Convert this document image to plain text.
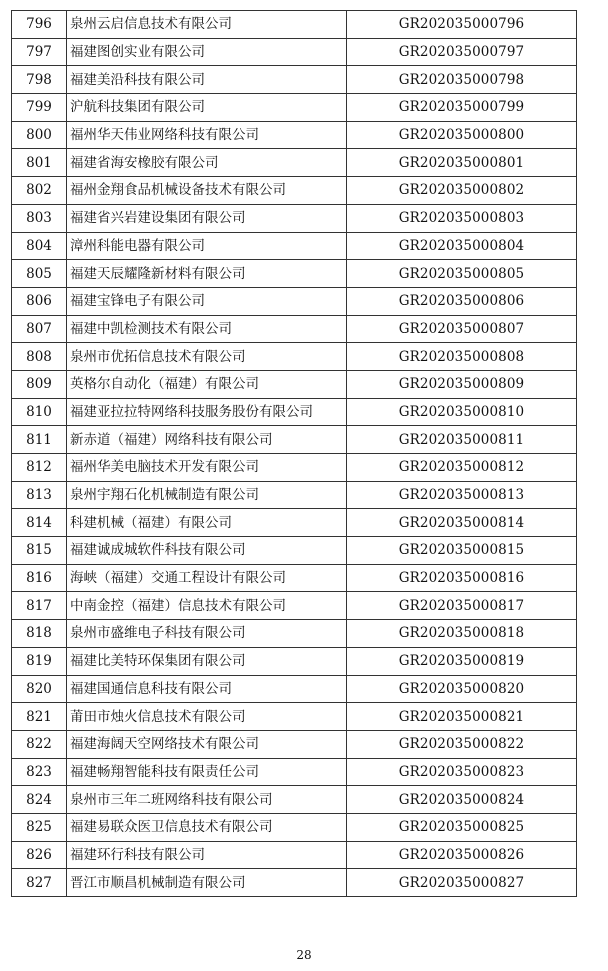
796	泉州云启信息技术有限公司	GR202035000796
797	福建图创实业有限公司	GR202035000797
798	福建美沿科技有限公司	GR202035000798
799	沪航科技集团有限公司	GR202035000799
800	福州华天伟业网络科技有限公司	GR202035000800
801	福建省海安橡胶有限公司	GR202035000801
802	福州金翔食品机械设备技术有限公司	GR202035000802
803	福建省兴岩建设集团有限公司	GR202035000803
804	漳州科能电器有限公司	GR202035000804
805	福建天辰耀隆新材料有限公司	GR202035000805
806	福建宝锋电子有限公司	GR202035000806
807	福建中凯检测技术有限公司	GR202035000807
808	泉州市优拓信息技术有限公司	GR202035000808
809	英格尔自动化（福建）有限公司	GR202035000809
810	福建亚拉拉特网络科技服务股份有限公司	GR202035000810
811	新赤道（福建）网络科技有限公司	GR202035000811
812	福州华美电脑技术开发有限公司	GR202035000812
813	泉州宇翔石化机械制造有限公司	GR202035000813
814	科建机械（福建）有限公司	GR202035000814
815	福建诚成城软件科技有限公司	GR202035000815
816	海峡（福建）交通工程设计有限公司	GR202035000816
817	中南金控（福建）信息技术有限公司	GR202035000817
818	泉州市盛维电子科技有限公司	GR202035000818
819	福建比美特环保集团有限公司	GR202035000819
820	福建国通信息科技有限公司	GR202035000820
821	莆田市烛火信息技术有限公司	GR202035000821
822	福建海阔天空网络技术有限公司	GR202035000822
823	福建畅翔智能科技有限责任公司	GR202035000823
824	泉州市三年二班网络科技有限公司	GR202035000824
825	福建易联众医卫信息技术有限公司	GR202035000825
826	福建环行科技有限公司	GR202035000826
827	晋江市顺昌机械制造有限公司	GR202035000827
28
